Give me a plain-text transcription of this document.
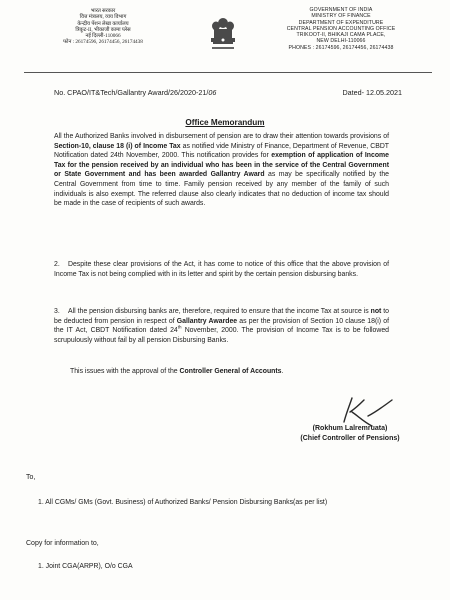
भारत सरकार
वित्त मंत्रालय, व्यय विभाग
केन्द्रीय पेंशन लेखा कार्यालय
त्रिकूट-II, भीकाजी कामा प्लेस
नई दिल्ली-110066
फोन : 26174596, 26174456, 26174438
GOVERNMENT OF INDIA
MINISTRY OF FINANCE
DEPARTMENT OF EXPENDITURE
CENTRAL PENSION ACCOUNTING OFFICE
TRIKOOT-II, BHIKAJI CAMA PLACE,
NEW DELHI-110066
PHONES : 26174596, 26174456, 26174438
No. CPAO/IT&Tech/Gallantry Award/26/2020-21/06	Dated- 12.05.2021
Office Memorandum
All the Authorized Banks involved in disbursement of pension are to draw their attention towards provisions of Section-10, clause 18 (i) of Income Tax as notified vide Ministry of Finance, Department of Revenue, CBDT Notification dated 24th November, 2000. This notification provides for exemption of application of Income Tax for the pension received by an individual who has been in the service of the Central Government or State Government and has been awarded Gallantry Award as may be specifically notified by the Central Government from time to time. Family pension received by any member of the family of such individuals is also exempt. The referred clause also clearly indicates that no deduction of income tax should be made in the case of recipients of such awards.
2. Despite these clear provisions of the Act, it has come to notice of this office that the above provision of Income Tax is not being complied with in its letter and spirit by the certain pension disbursing banks.
3. All the pension disbursing banks are, therefore, required to ensure that the income Tax at source is not to be deducted from pension in respect of Gallantry Awardee as per the provision of Section 10 clause 18(i) of the IT Act, CBDT Notification dated 24th November, 2000. The provision of Income Tax is to be followed scrupulously without fail by all pension Disbursing Banks.
This issues with the approval of the Controller General of Accounts.
(Rokhum Lalremruata)
(Chief Controller of Pensions)
To,
1. All CGMs/ GMs (Govt. Business) of Authorized Banks/ Pension Disbursing Banks(as per list)
Copy for information to,
1. Joint CGA(ARPR), O/o CGA
